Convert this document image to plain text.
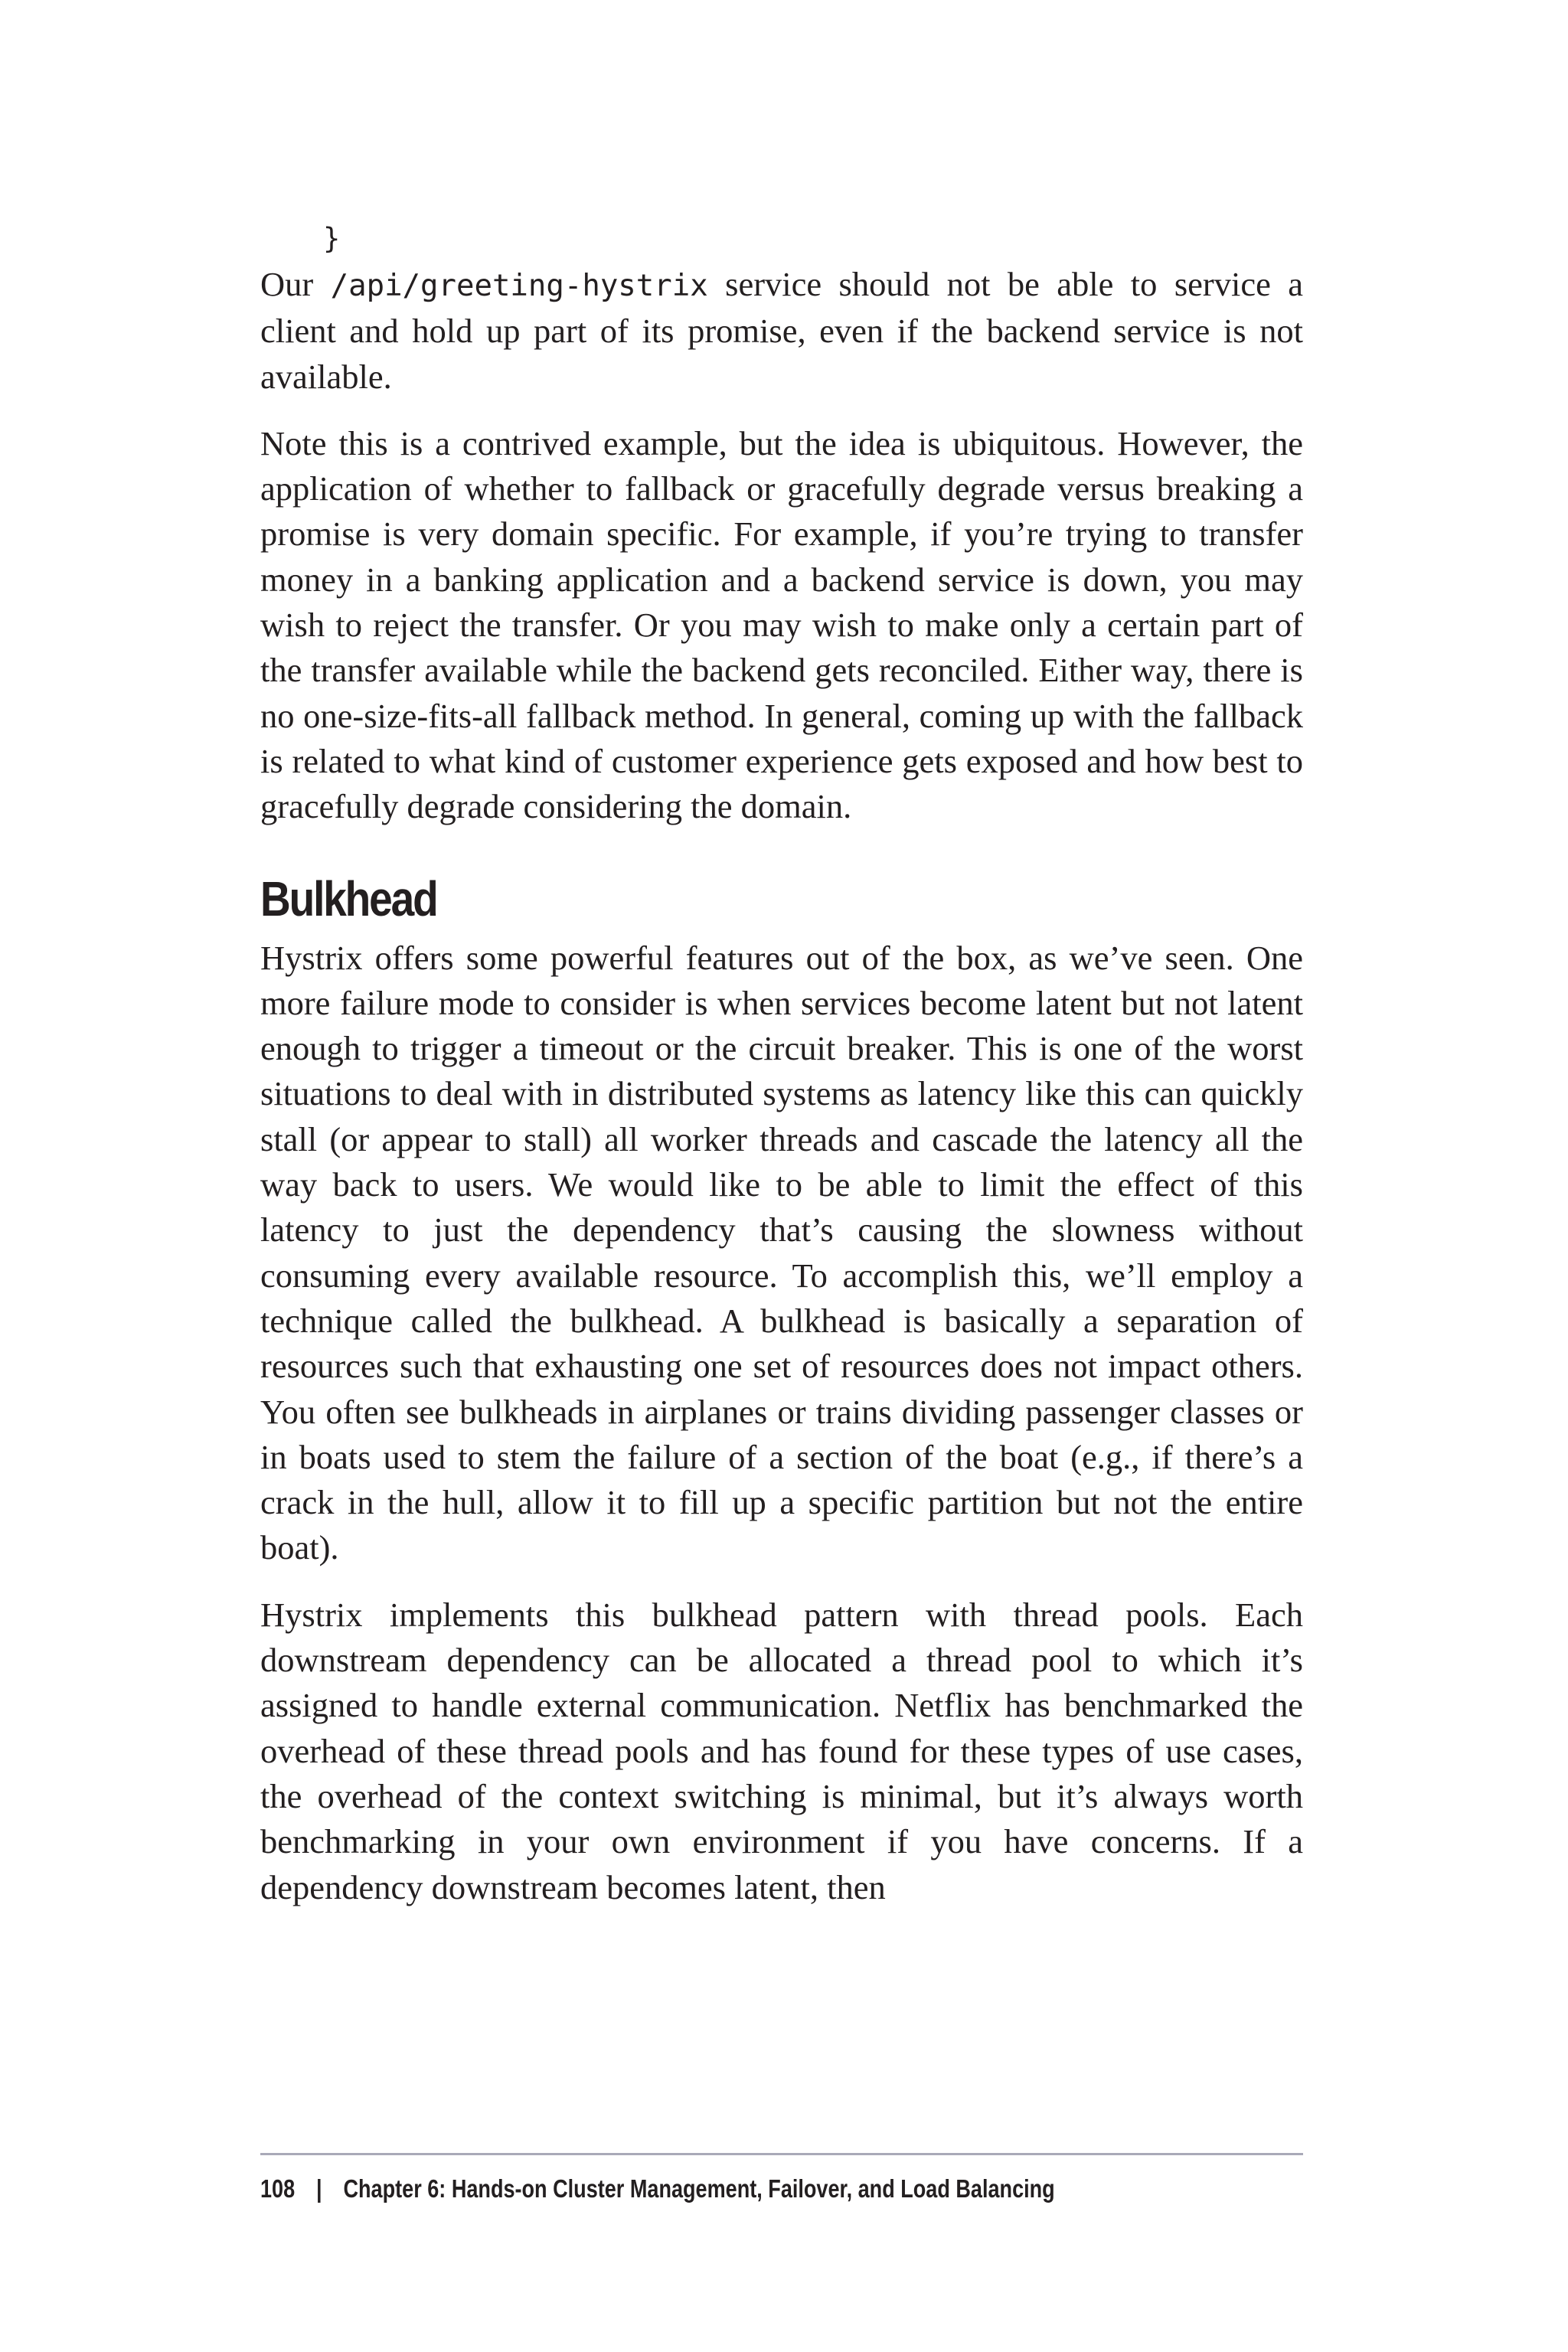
}

Our /api/greeting-hystrix service should not be able to service a client and hold up part of its promise, even if the backend service is not available.

Note this is a contrived example, but the idea is ubiquitous. However, the application of whether to fallback or gracefully degrade versus breaking a promise is very domain specific. For example, if you’re trying to transfer money in a banking application and a backend service is down, you may wish to reject the transfer. Or you may wish to make only a certain part of the transfer available while the backend gets reconciled. Either way, there is no one-size-fits-all fallback method. In general, coming up with the fallback is related to what kind of customer experience gets exposed and how best to gracefully degrade considering the domain.

Bulkhead

Hystrix offers some powerful features out of the box, as we’ve seen. One more failure mode to consider is when services become latent but not latent enough to trigger a timeout or the circuit breaker. This is one of the worst situations to deal with in distributed systems as latency like this can quickly stall (or appear to stall) all worker threads and cascade the latency all the way back to users. We would like to be able to limit the effect of this latency to just the dependency that’s causing the slowness without consuming every available resource. To accomplish this, we’ll employ a technique called the bulkhead. A bulkhead is basically a separation of resources such that exhausting one set of resources does not impact others. You often see bulkheads in airplanes or trains dividing passenger classes or in boats used to stem the failure of a section of the boat (e.g., if there’s a crack in the hull, allow it to fill up a specific partition but not the entire boat).

Hystrix implements this bulkhead pattern with thread pools. Each downstream dependency can be allocated a thread pool to which it’s assigned to handle external communication. Netflix has benchmarked the overhead of these thread pools and has found for these types of use cases, the overhead of the context switching is minimal, but it’s always worth benchmarking in your own environment if you have concerns. If a dependency downstream becomes latent, then

108 | Chapter 6: Hands-on Cluster Management, Failover, and Load Balancing
